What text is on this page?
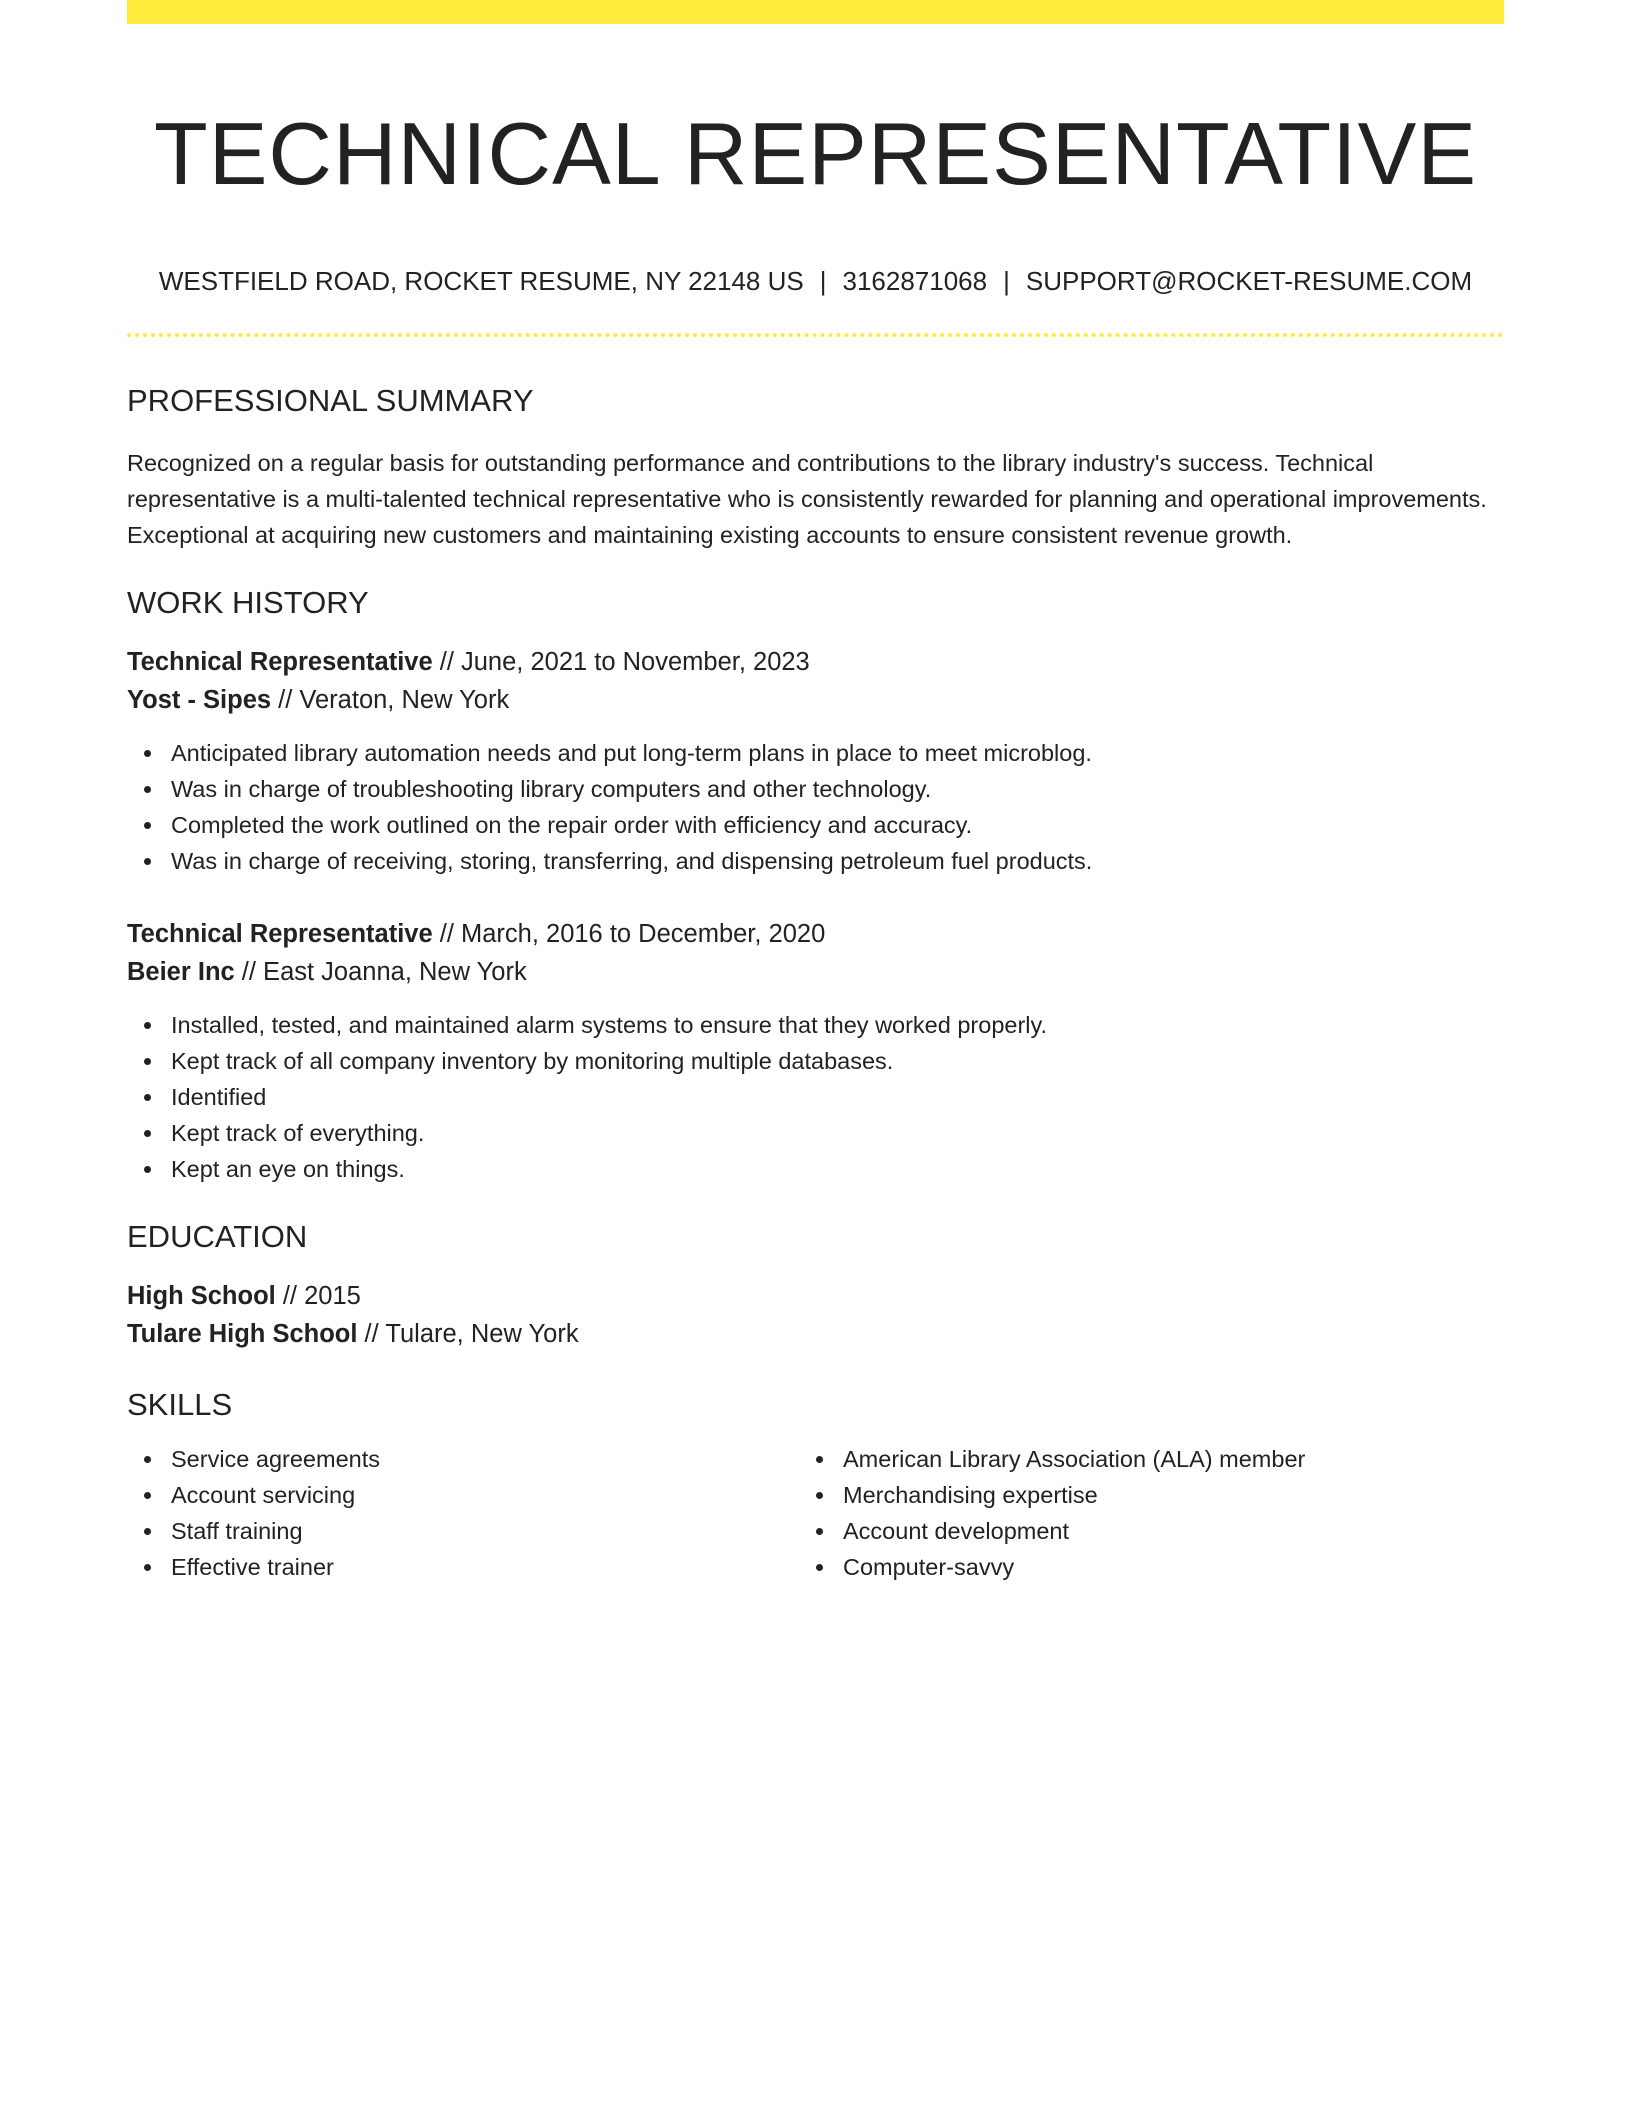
TECHNICAL REPRESENTATIVE
WESTFIELD ROAD, ROCKET RESUME, NY 22148 US | 3162871068 | SUPPORT@ROCKET-RESUME.COM
PROFESSIONAL SUMMARY

Recognized on a regular basis for outstanding performance and contributions to the library industry's success. Technical representative is a multi-talented technical representative who is consistently rewarded for planning and operational improvements. Exceptional at acquiring new customers and maintaining existing accounts to ensure consistent revenue growth.

WORK HISTORY
Technical Representative // June, 2021 to November, 2023
Yost - Sipes // Veraton, New York
Anticipated library automation needs and put long-term plans in place to meet microblog.
Was in charge of troubleshooting library computers and other technology.
Completed the work outlined on the repair order with efficiency and accuracy.
Was in charge of receiving, storing, transferring, and dispensing petroleum fuel products.
Technical Representative // March, 2016 to December, 2020
Beier Inc // East Joanna, New York
Installed, tested, and maintained alarm systems to ensure that they worked properly.
Kept track of all company inventory by monitoring multiple databases.
Identified
Kept track of everything.
Kept an eye on things.
EDUCATION
High School // 2015
Tulare High School // Tulare, New York
SKILLS
Service agreements
Account servicing
Staff training
Effective trainer
American Library Association (ALA) member
Merchandising expertise
Account development
Computer-savvy
